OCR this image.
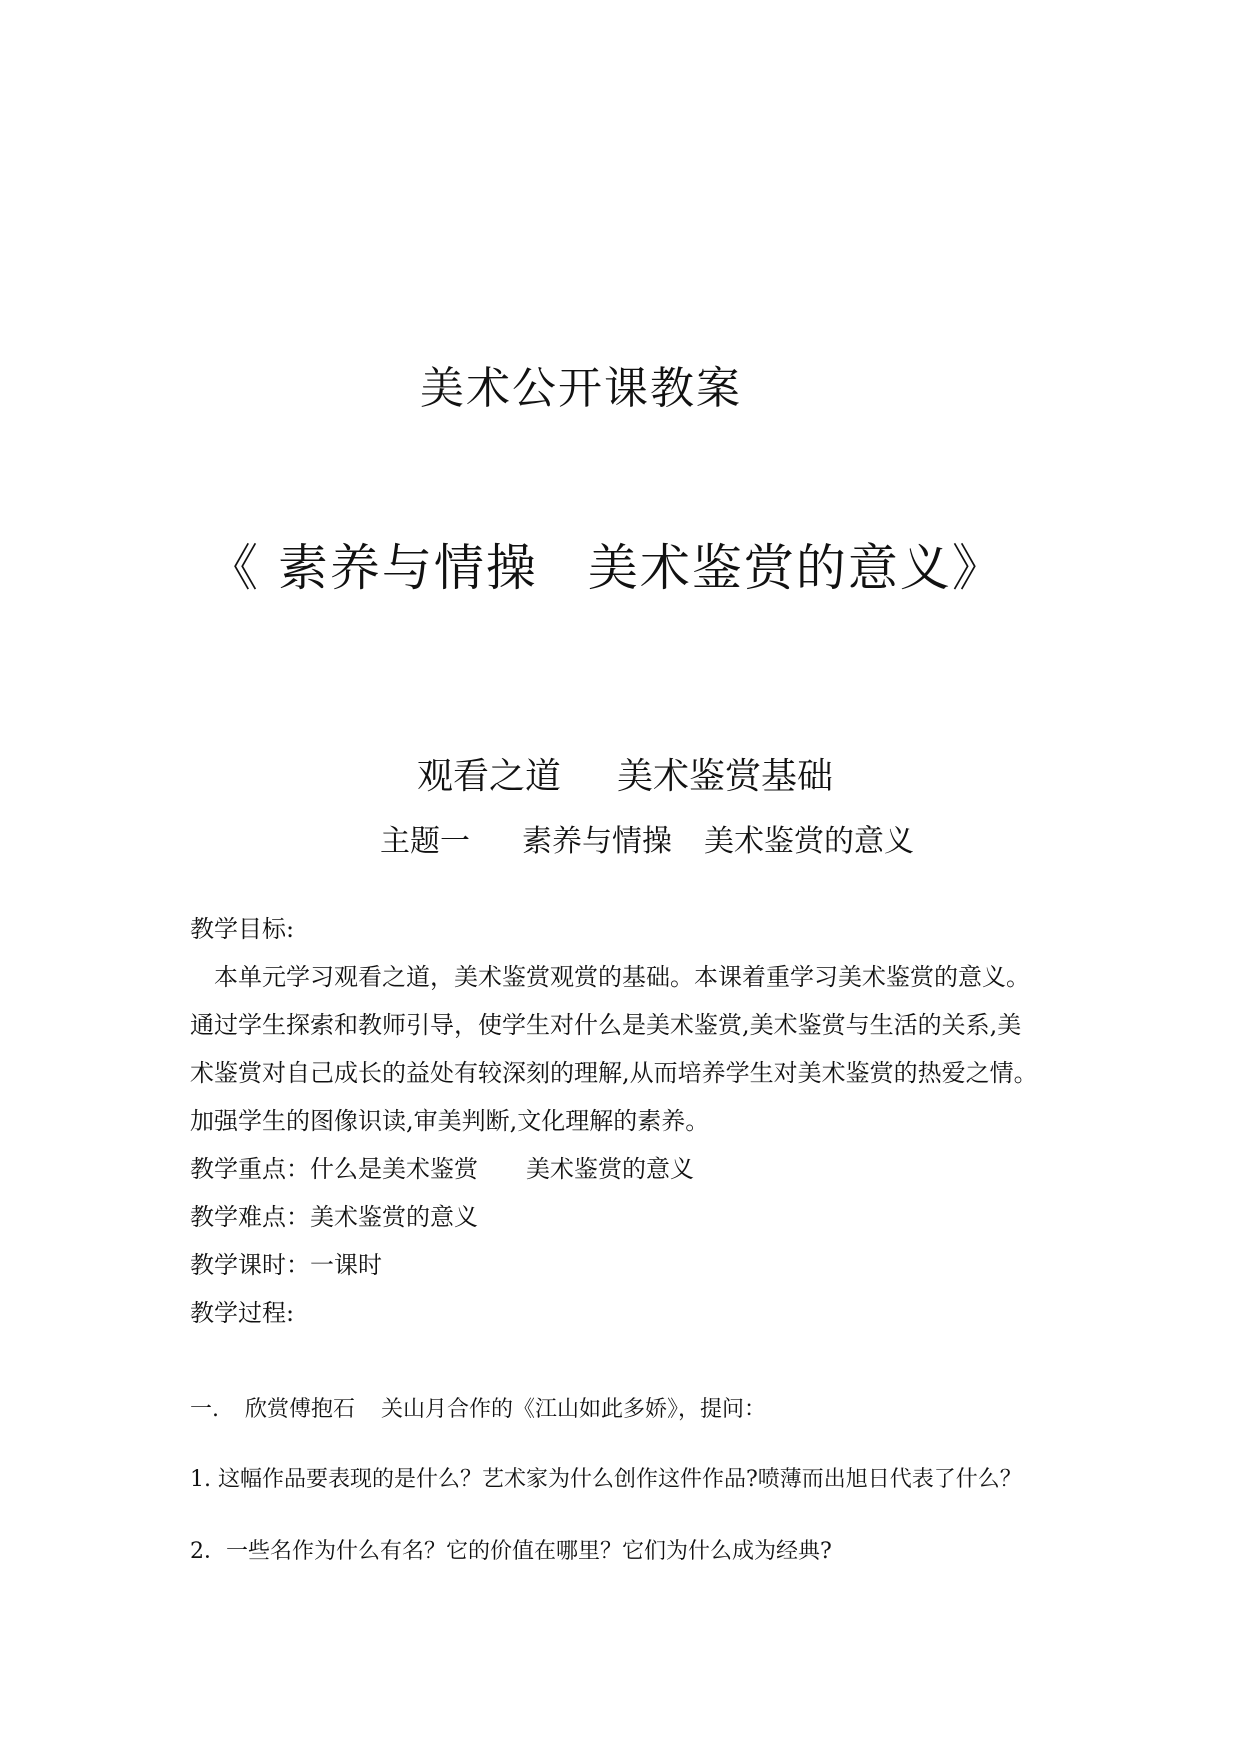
美术公开课教案
《 素养与情操 美术鉴赏的意义》
观看之道 美术鉴赏基础
主题一 素养与情操 美术鉴赏的意义
教学目标:
本单元学习观看之道，美术鉴赏观赏的基础。本课着重学习美术鉴赏的意义。
通过学生探索和教师引导，使学生对什么是美术鉴赏,美术鉴赏与生活的关系,美
术鉴赏对自己成长的益处有较深刻的理解,从而培养学生对美术鉴赏的热爱之情。
加强学生的图像识读,审美判断,文化理解的素养。
教学重点：什么是美术鉴赏 美术鉴赏的意义
教学难点：美术鉴赏的意义
教学课时：一课时
教学过程:
一. 欣赏傅抱石 关山月合作的《江山如此多娇》，提问：
1. 这幅作品要表现的是什么？艺术家为什么创作这件作品?喷薄而出旭日代表了什么？
2．一些名作为什么有名？它的价值在哪里？它们为什么成为经典?
